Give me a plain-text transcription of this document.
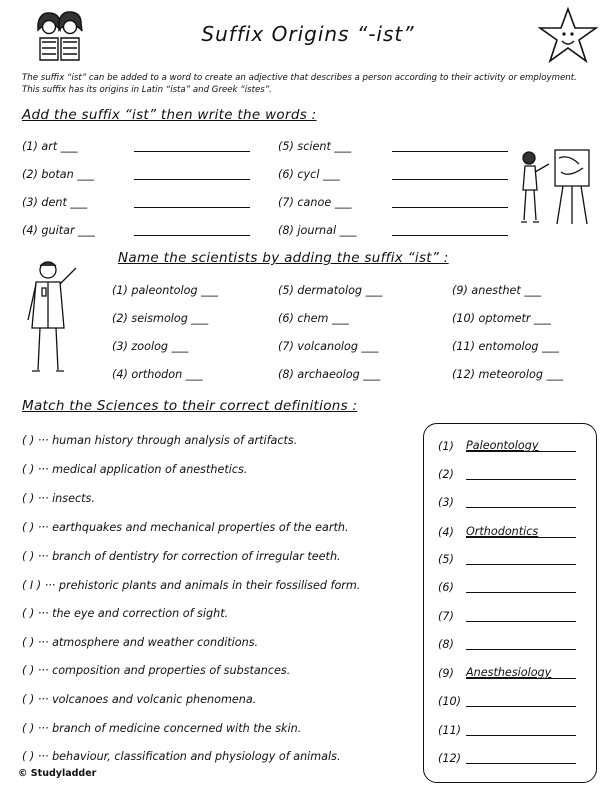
Suffix Origins “-ist”
The suffix “ist” can be added to a word to create an adjective that describes a person according to their activity or employment. This suffix has its origins in Latin “ista” and Greek “istes”.
Add the suffix “ist” then write the words :
(1) art ___
(2) botan ___
(3) dent ___
(4) guitar ___
(5) scient ___
(6) cycl ___
(7) canoe ___
(8) journal ___
Name the scientists by adding the suffix “ist” :
(1) paleontolog ___
(2) seismolog ___
(3) zoolog ___
(4) orthodon ___
(5) dermatolog ___
(6) chem ___
(7) volcanolog ___
(8) archaeolog ___
(9) anesthet ___
(10) optometr ___
(11) entomolog ___
(12) meteorolog ___
Match the Sciences to their correct definitions :
( ) ··· human history through analysis of artifacts.
( ) ··· medical application of anesthetics.
( ) ··· insects.
( ) ··· earthquakes and mechanical properties of the earth.
( ) ··· branch of dentistry for correction of irregular teeth.
( I ) ··· prehistoric plants and animals in their fossilised form.
( ) ··· the eye and correction of sight.
( ) ··· atmosphere and weather conditions.
( ) ··· composition and properties of substances.
( ) ··· volcanoes and volcanic phenomena.
( ) ··· branch of medicine concerned with the skin.
( ) ··· behaviour, classification and physiology of animals.
(1) Paleontology
(2)
(3)
(4) Orthodontics
(5)
(6)
(7)
(8)
(9) Anesthesiology
(10)
(11)
(12)
© Studyladder
